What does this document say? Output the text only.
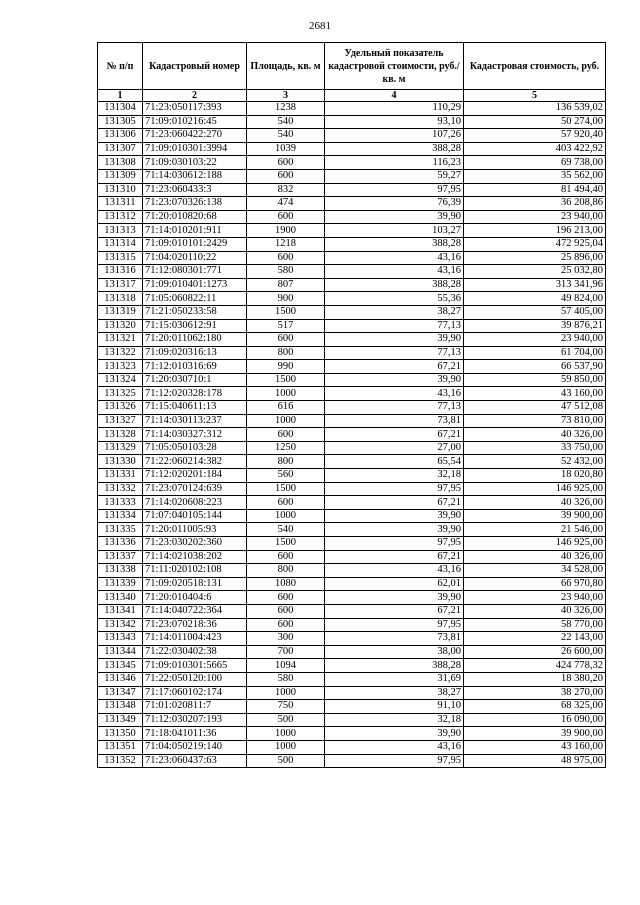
2681
№ п/п	Кадастровый номер	Площадь, кв. м	Удельный показатель кадастровой стоимости, руб./кв. м	Кадастровая стоимость, руб.
1	2	3	4	5
131304	71:23:050117:393	1238	110,29	136 539,02
131305	71:09:010216:45	540	93,10	50 274,00
131306	71:23:060422:270	540	107,26	57 920,40
131307	71:09:010301:3994	1039	388,28	403 422,92
131308	71:09:030103:22	600	116,23	69 738,00
131309	71:14:030612:188	600	59,27	35 562,00
131310	71:23:060433:3	832	97,95	81 494,40
131311	71:23:070326:138	474	76,39	36 208,86
131312	71:20:010820:68	600	39,90	23 940,00
131313	71:14:010201:911	1900	103,27	196 213,00
131314	71:09:010101:2429	1218	388,28	472 925,04
131315	71:04:020110:22	600	43,16	25 896,00
131316	71:12:080301:771	580	43,16	25 032,80
131317	71:09:010401:1273	807	388,28	313 341,96
131318	71:05:060822:11	900	55,36	49 824,00
131319	71:21:050233:58	1500	38,27	57 405,00
131320	71:15:030612:91	517	77,13	39 876,21
131321	71:20:011062:180	600	39,90	23 940,00
131322	71:09:020316:13	800	77,13	61 704,00
131323	71:12:010316:69	990	67,21	66 537,90
131324	71:20:030710:1	1500	39,90	59 850,00
131325	71:12:020328:178	1000	43,16	43 160,00
131326	71:15:040611:13	616	77,13	47 512,08
131327	71:14:030113:237	1000	73,81	73 810,00
131328	71:14:030327:312	600	67,21	40 326,00
131329	71:05:050103:28	1250	27,00	33 750,00
131330	71:22:060214:382	800	65,54	52 432,00
131331	71:12:020201:184	560	32,18	18 020,80
131332	71:23:070124:639	1500	97,95	146 925,00
131333	71:14:020608:223	600	67,21	40 326,00
131334	71:07:040105:144	1000	39,90	39 900,00
131335	71:20:011005:93	540	39,90	21 546,00
131336	71:23:030202:360	1500	97,95	146 925,00
131337	71:14:021038:202	600	67,21	40 326,00
131338	71:11:020102:108	800	43,16	34 528,00
131339	71:09:020518:131	1080	62,01	66 970,80
131340	71:20:010404:6	600	39,90	23 940,00
131341	71:14:040722:364	600	67,21	40 326,00
131342	71:23:070218:36	600	97,95	58 770,00
131343	71:14:011004:423	300	73,81	22 143,00
131344	71:22:030402:38	700	38,00	26 600,00
131345	71:09:010301:5665	1094	388,28	424 778,32
131346	71:22:050120:100	580	31,69	18 380,20
131347	71:17:060102:174	1000	38,27	38 270,00
131348	71:01:020811:7	750	91,10	68 325,00
131349	71:12:030207:193	500	32,18	16 090,00
131350	71:18:041011:36	1000	39,90	39 900,00
131351	71:04:050219:140	1000	43,16	43 160,00
131352	71:23:060437:63	500	97,95	48 975,00
